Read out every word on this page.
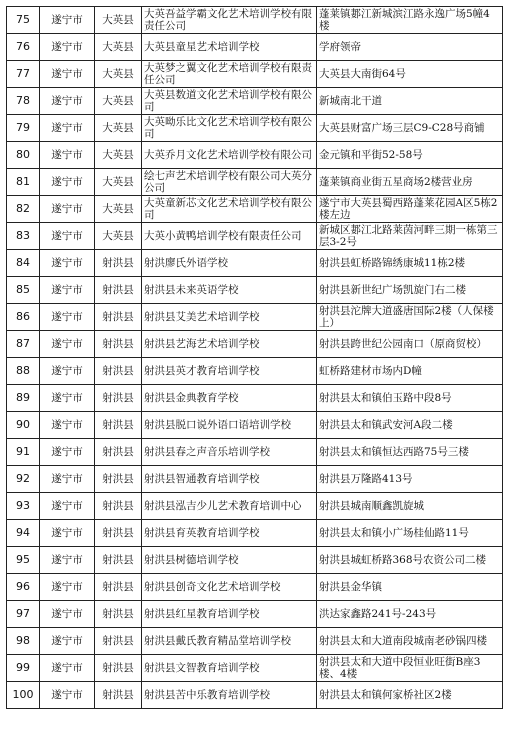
75	遂宁市	大英县	大英吾益学霸文化艺术培训学校有限责任公司	蓬莱镇郪江新城滨江路永逸广场5幢4楼
76	遂宁市	大英县	大英县童星艺术培训学校	学府领帝
77	遂宁市	大英县	大英梦之翼文化艺术培训学校有限责任公司	大英县大南街64号
78	遂宁市	大英县	大英县数道文化艺术培训学校有限公司	新城南北干道
79	遂宁市	大英县	大英呦乐比文化艺术培训学校有限公司	大英县财富广场三层C9-C28号商铺
80	遂宁市	大英县	大英乔月文化艺术培训学校有限公司	金元镇和平街52-58号
81	遂宁市	大英县	绘七声艺术培训学校有限公司大英分公司	蓬莱镇商业街五星商场2楼营业房
82	遂宁市	大英县	大英童新芯文化艺术培训学校有限公司	遂宁市大英县蜀西路蓬莱花园A区5栋2楼左边
83	遂宁市	大英县	大英小黄鸭培训学校有限责任公司	新城区郪江北路莱茵河畔三期一栋第三层3-2号
84	遂宁市	射洪县	射洪廖氏外语学校	射洪县虹桥路锦绣康城11栋2楼
85	遂宁市	射洪县	射洪县未来英语学校	射洪县新世纪广场凯旋门右二楼
86	遂宁市	射洪县	射洪县艾美艺术培训学校	射洪县沱牌大道盛唐国际2楼（人保楼上）
87	遂宁市	射洪县	射洪县艺海艺术培训学校	射洪县跨世纪公园南口（原商贸校）
88	遂宁市	射洪县	射洪县英才教育培训学校	虹桥路建材市场内D幢
89	遂宁市	射洪县	射洪县金典教育学校	射洪县太和镇伯玉路中段8号
90	遂宁市	射洪县	射洪县脱口说外语口语培训学校	射洪县太和镇武安河A段二楼
91	遂宁市	射洪县	射洪县春之声音乐培训学校	射洪县太和镇恒达西路75号三楼
92	遂宁市	射洪县	射洪县智通教育培训学校	射洪县万隆路413号
93	遂宁市	射洪县	射洪县泓吉少儿艺术教育培训中心	射洪县城南顺鑫凯旋城
94	遂宁市	射洪县	射洪县育英教育培训学校	射洪县太和镇小广场桂仙路11号
95	遂宁市	射洪县	射洪县树德培训学校	射洪县城虹桥路368号农资公司二楼
96	遂宁市	射洪县	射洪县创奇文化艺术培训学校	射洪县金华镇
97	遂宁市	射洪县	射洪县红星教育培训学校	洪达家鑫路241号-243号
98	遂宁市	射洪县	射洪县戴氏教育精品堂培训学校	射洪县太和大道南段城南老砂锅四楼
99	遂宁市	射洪县	射洪县文智教育培训学校	射洪县太和大道中段恒业旺街B座3楼、4楼
100	遂宁市	射洪县	射洪县苦中乐教育培训学校	射洪县太和镇何家桥社区2楼
